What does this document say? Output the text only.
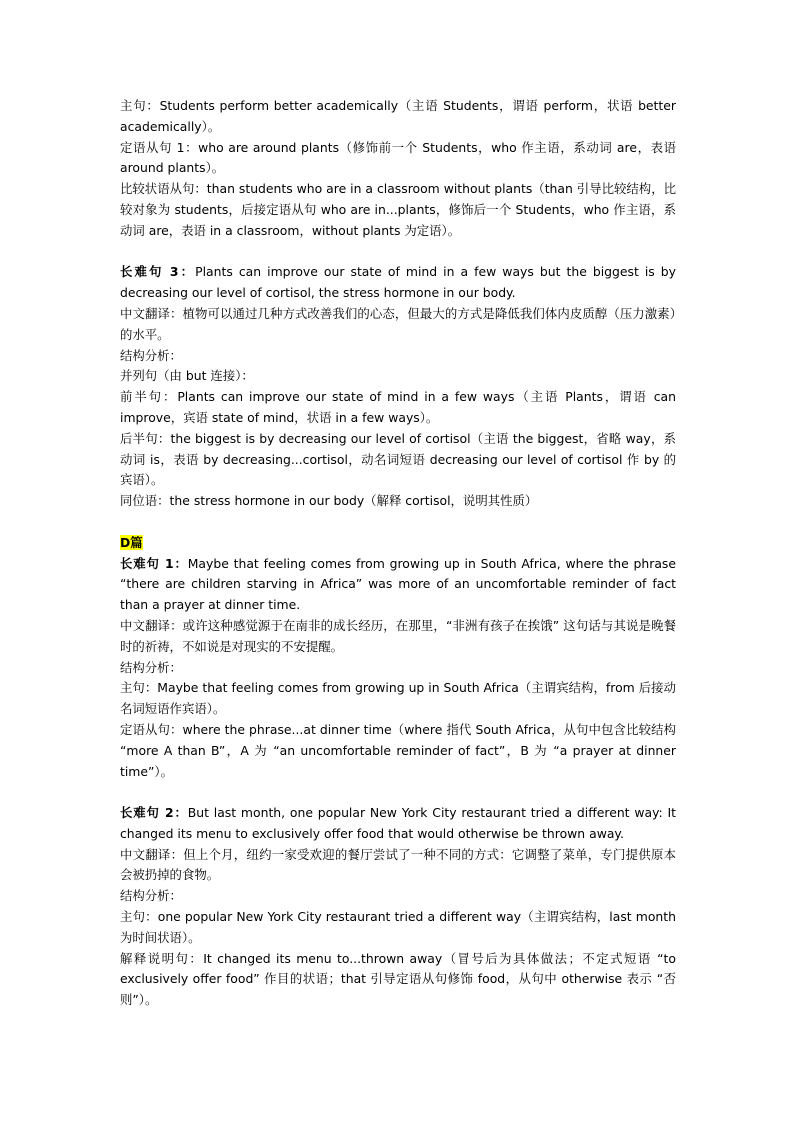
主句：Students perform better academically（主语 Students，谓语 perform，状语 better academically）。

定语从句 1：who are around plants（修饰前一个 Students，who 作主语，系动词 are，表语 around plants）。

比较状语从句：than students who are in a classroom without plants（than 引导比较结构，比较对象为 students，后接定语从句 who are in...plants，修饰后一个 Students，who 作主语，系动词 are，表语 in a classroom，without plants 为定语）。

长难句 3：Plants can improve our state of mind in a few ways but the biggest is by decreasing our level of cortisol, the stress hormone in our body.

中文翻译：植物可以通过几种方式改善我们的心态，但最大的方式是降低我们体内皮质醇（压力激素）的水平。

结构分析：

并列句（由 but 连接）：

前半句：Plants can improve our state of mind in a few ways（主语 Plants，谓语 can improve，宾语 state of mind，状语 in a few ways）。

后半句：the biggest is by decreasing our level of cortisol（主语 the biggest，省略 way，系动词 is，表语 by decreasing...cortisol，动名词短语 decreasing our level of cortisol 作 by 的宾语）。

同位语：the stress hormone in our body（解释 cortisol，说明其性质）

D篇

长难句 1：Maybe that feeling comes from growing up in South Africa, where the phrase “there are children starving in Africa” was more of an uncomfortable reminder of fact than a prayer at dinner time.

中文翻译：或许这种感觉源于在南非的成长经历，在那里，“非洲有孩子在挨饿” 这句话与其说是晚餐时的祈祷，不如说是对现实的不安提醒。

结构分析：

主句：Maybe that feeling comes from growing up in South Africa（主谓宾结构，from 后接动名词短语作宾语）。

定语从句：where the phrase...at dinner time（where 指代 South Africa，从句中包含比较结构 “more A than B”，A 为 “an uncomfortable reminder of fact”，B 为 “a prayer at dinner time”）。

长难句 2：But last month, one popular New York City restaurant tried a different way: It changed its menu to exclusively offer food that would otherwise be thrown away.

中文翻译：但上个月，纽约一家受欢迎的餐厅尝试了一种不同的方式：它调整了菜单，专门提供原本会被扔掉的食物。

结构分析：

主句：one popular New York City restaurant tried a different way（主谓宾结构，last month 为时间状语）。

解释说明句：It changed its menu to...thrown away（冒号后为具体做法；不定式短语 “to exclusively offer food” 作目的状语；that 引导定语从句修饰 food，从句中 otherwise 表示 “否则”）。
